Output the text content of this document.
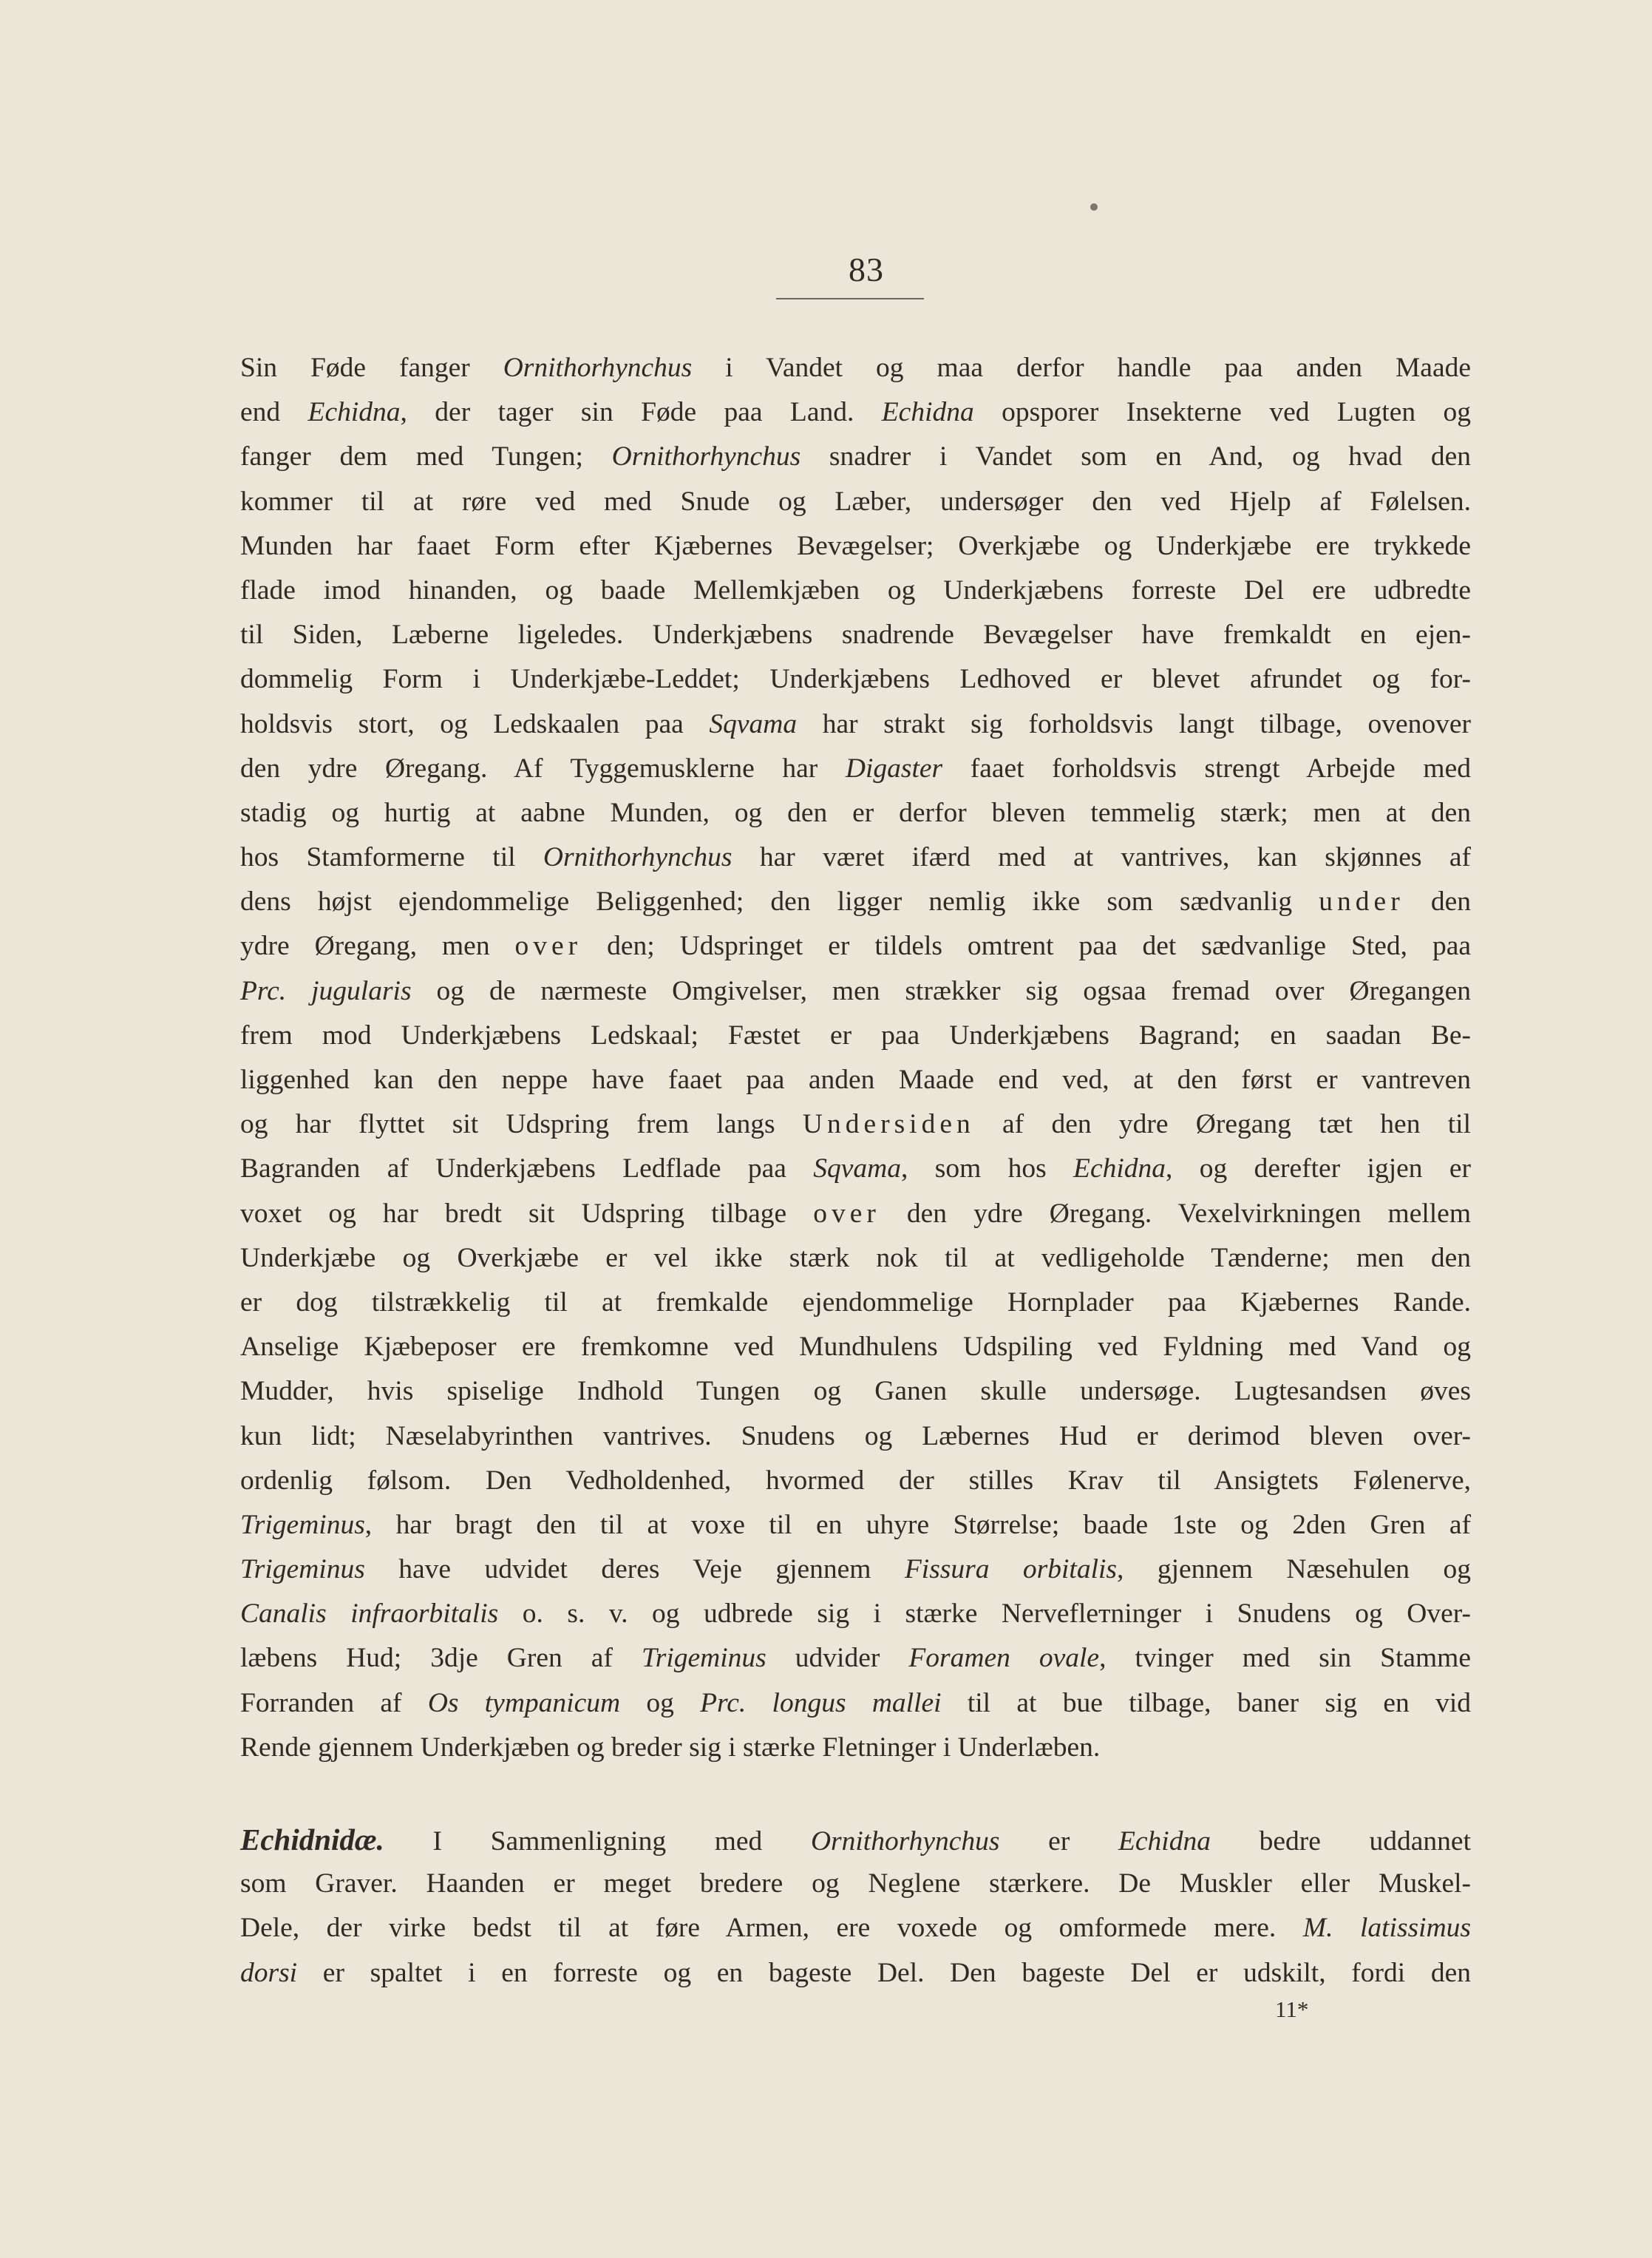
83
Sin Føde fanger Ornithorhynchus i Vandet og maa derfor handle paa anden Maade
end Echidna, der tager sin Føde paa Land. Echidna opsporer Insekterne ved Lugten og
fanger dem med Tungen; Ornithorhynchus snadrer i Vandet som en And, og hvad den
kommer til at røre ved med Snude og Læber, undersøger den ved Hjelp af Følelsen.
Munden har faaet Form efter Kjæbernes Bevægelser; Overkjæbe og Underkjæbe ere trykkede
flade imod hinanden, og baade Mellemkjæben og Underkjæbens forreste Del ere udbredte
til Siden, Læberne ligeledes. Underkjæbens snadrende Bevægelser have fremkaldt en ejen-
dommelig Form i Underkjæbe-Leddet; Underkjæbens Ledhoved er blevet afrundet og for-
holdsvis stort, og Ledskaalen paa Sqvama har strakt sig forholdsvis langt tilbage, ovenover
den ydre Øregang. Af Tyggemusklerne har Digaster faaet forholdsvis strengt Arbejde med
stadig og hurtig at aabne Munden, og den er derfor bleven temmelig stærk; men at den
hos Stamformerne til Ornithorhynchus har været ifærd med at vantrives, kan skjønnes af
dens højst ejendommelige Beliggenhed; den ligger nemlig ikke som sædvanlig under den
ydre Øregang, men over den; Udspringet er tildels omtrent paa det sædvanlige Sted, paa
Prc. jugularis og de nærmeste Omgivelser, men strækker sig ogsaa fremad over Øregangen
frem mod Underkjæbens Ledskaal; Fæstet er paa Underkjæbens Bagrand; en saadan Be-
liggenhed kan den neppe have faaet paa anden Maade end ved, at den først er vantreven
og har flyttet sit Udspring frem langs Undersiden af den ydre Øregang tæt hen til
Bagranden af Underkjæbens Ledflade paa Sqvama, som hos Echidna, og derefter igjen er
voxet og har bredt sit Udspring tilbage over den ydre Øregang. Vexelvirkningen mellem
Underkjæbe og Overkjæbe er vel ikke stærk nok til at vedligeholde Tænderne; men den
er dog tilstrækkelig til at fremkalde ejendommelige Hornplader paa Kjæbernes Rande.
Anselige Kjæbeposer ere fremkomne ved Mundhulens Udspiling ved Fyldning med Vand og
Mudder, hvis spiselige Indhold Tungen og Ganen skulle undersøge. Lugtesandsen øves
kun lidt; Næselabyrinthen vantrives. Snudens og Læbernes Hud er derimod bleven over-
ordenlig følsom. Den Vedholdenhed, hvormed der stilles Krav til Ansigtets Følenerve,
Trigeminus, har bragt den til at voxe til en uhyre Størrelse; baade 1ste og 2den Gren af
Trigeminus have udvidet deres Veje gjennem Fissura orbitalis, gjennem Næsehulen og
Canalis infraorbitalis o. s. v. og udbrede sig i stærke Nerveflетninger i Snudens og Over-
læbens Hud; 3dje Gren af Trigeminus udvider Foramen ovale, tvinger med sin Stamme
Forranden af Os tympanicum og Prc. longus mallei til at bue tilbage, baner sig en vid
Rende gjennem Underkjæben og breder sig i stærke Fletninger i Underlæben.
Echidnidæ. I Sammenligning med Ornithorhynchus er Echidna bedre uddannet
som Graver. Haanden er meget bredere og Neglene stærkere. De Muskler eller Muskel-
Dele, der virke bedst til at føre Armen, ere voxede og omformede mere. M. latissimus
dorsi er spaltet i en forreste og en bageste Del. Den bageste Del er udskilt, fordi den
11*
